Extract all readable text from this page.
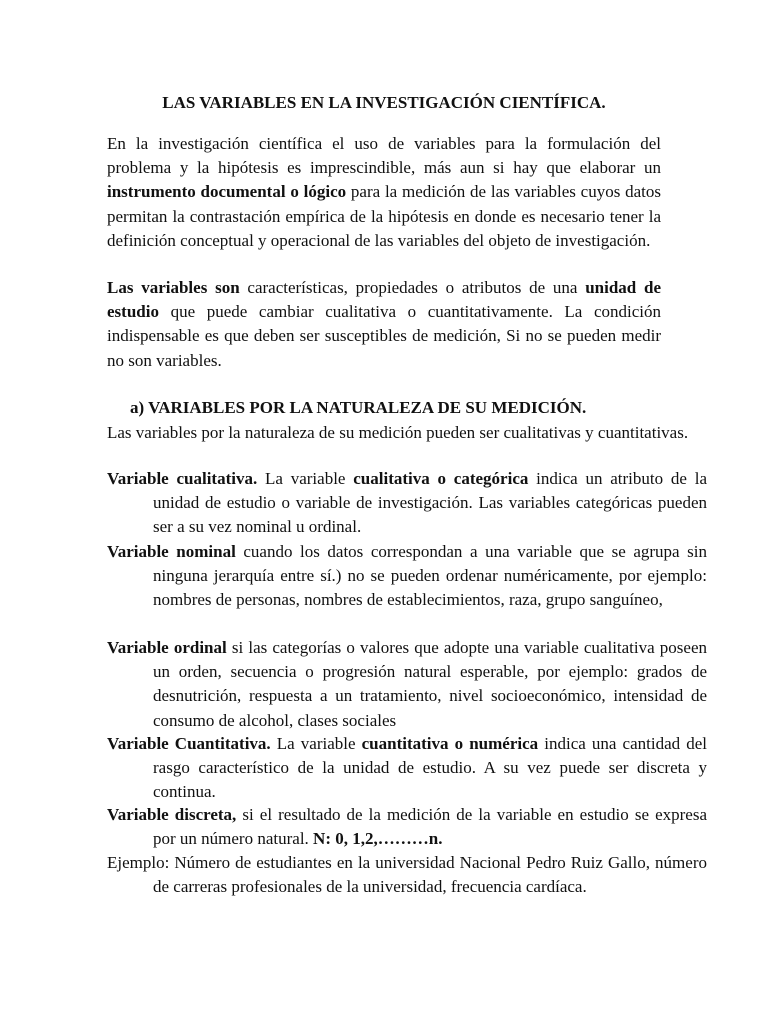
LAS VARIABLES EN LA INVESTIGACIÓN CIENTÍFICA.

En la investigación científica el uso de variables para la formulación del problema y la hipótesis es imprescindible, más aun si hay que elaborar un instrumento documental o lógico para la medición de las variables cuyos datos permitan la contrastación empírica de la hipótesis en donde es necesario tener la definición conceptual y operacional de las variables del objeto de investigación.

Las variables son características, propiedades o atributos de una unidad de estudio que puede cambiar cualitativa o cuantitativamente. La condición indispensable es que deben ser susceptibles de medición, Si no se pueden medir no son variables.

a) VARIABLES POR LA NATURALEZA DE SU MEDICIÓN.

Las variables por la naturaleza de su medición pueden ser cualitativas y cuantitativas.

Variable cualitativa. La variable cualitativa o categórica indica un atributo de la unidad de estudio o variable de investigación. Las variables categóricas pueden ser a su vez nominal u ordinal.

Variable nominal cuando los datos correspondan a una variable que se agrupa sin ninguna jerarquía entre sí.) no se pueden ordenar numéricamente, por ejemplo: nombres de personas, nombres de establecimientos, raza, grupo sanguíneo,

Variable ordinal si las categorías o valores que adopte una variable cualitativa poseen un orden, secuencia o progresión natural esperable, por ejemplo: grados de desnutrición, respuesta a un tratamiento, nivel socioeconómico, intensidad de consumo de alcohol, clases sociales

Variable Cuantitativa. La variable cuantitativa o numérica indica una cantidad del rasgo característico de la unidad de estudio. A su vez puede ser discreta y continua.

Variable discreta, si el resultado de la medición de la variable en estudio se expresa por un número natural. N: 0, 1,2,………n.

Ejemplo: Número de estudiantes en la universidad Nacional Pedro Ruiz Gallo, número de carreras profesionales de la universidad, frecuencia cardíaca.
